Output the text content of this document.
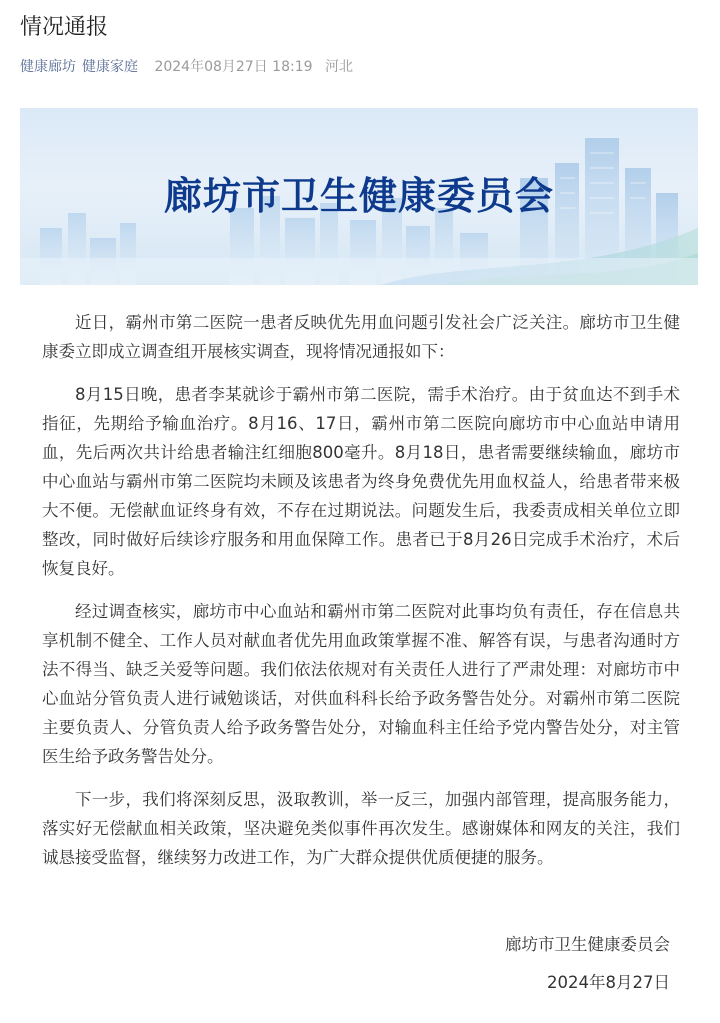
情况通报
健康廊坊 健康家庭 2024年08月27日 18:19 河北
廊坊市卫生健康委员会

近日，霸州市第二医院一患者反映优先用血问题引发社会广泛关注。廊坊市卫生健康委立即成立调查组开展核实调查，现将情况通报如下：

8月15日晚，患者李某就诊于霸州市第二医院，需手术治疗。由于贫血达不到手术指征，先期给予输血治疗。8月16、17日，霸州市第二医院向廊坊市中心血站申请用血，先后两次共计给患者输注红细胞800毫升。8月18日，患者需要继续输血，廊坊市中心血站与霸州市第二医院均未顾及该患者为终身免费优先用血权益人，给患者带来极大不便。无偿献血证终身有效，不存在过期说法。问题发生后，我委责成相关单位立即整改，同时做好后续诊疗服务和用血保障工作。患者已于8月26日完成手术治疗，术后恢复良好。

经过调查核实，廊坊市中心血站和霸州市第二医院对此事均负有责任，存在信息共享机制不健全、工作人员对献血者优先用血政策掌握不准、解答有误，与患者沟通时方法不得当、缺乏关爱等问题。我们依法依规对有关责任人进行了严肃处理：对廊坊市中心血站分管负责人进行诫勉谈话，对供血科科长给予政务警告处分。对霸州市第二医院主要负责人、分管负责人给予政务警告处分，对输血科主任给予党内警告处分，对主管医生给予政务警告处分。

下一步，我们将深刻反思，汲取教训，举一反三，加强内部管理，提高服务能力，落实好无偿献血相关政策，坚决避免类似事件再次发生。感谢媒体和网友的关注，我们诚恳接受监督，继续努力改进工作，为广大群众提供优质便捷的服务。

廊坊市卫生健康委员会
2024年8月27日
